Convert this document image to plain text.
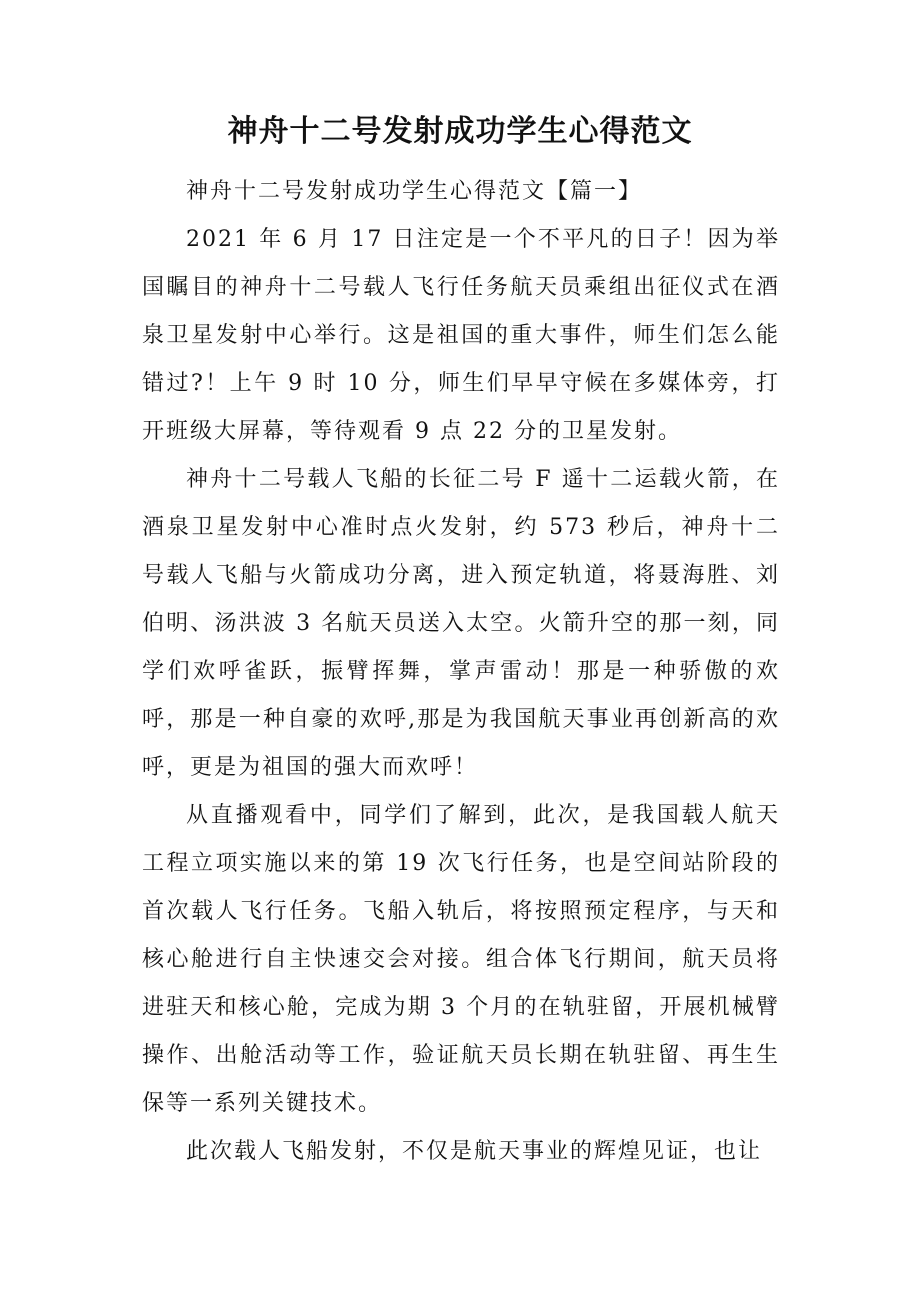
神舟十二号发射成功学生心得范文

神舟十二号发射成功学生心得范文【篇一】

2021 年 6 月 17 日注定是一个不平凡的日子！因为举国瞩目的神舟十二号载人飞行任务航天员乘组出征仪式在酒泉卫星发射中心举行。这是祖国的重大事件，师生们怎么能错过?！上午 9 时 10 分，师生们早早守候在多媒体旁，打开班级大屏幕，等待观看 9 点 22 分的卫星发射。

神舟十二号载人飞船的长征二号 F 遥十二运载火箭，在酒泉卫星发射中心准时点火发射，约 573 秒后，神舟十二号载人飞船与火箭成功分离，进入预定轨道，将聂海胜、刘伯明、汤洪波 3 名航天员送入太空。火箭升空的那一刻，同学们欢呼雀跃，振臂挥舞，掌声雷动！那是一种骄傲的欢呼，那是一种自豪的欢呼,那是为我国航天事业再创新高的欢呼，更是为祖国的强大而欢呼！

从直播观看中，同学们了解到，此次，是我国载人航天工程立项实施以来的第 19 次飞行任务，也是空间站阶段的首次载人飞行任务。飞船入轨后，将按照预定程序，与天和核心舱进行自主快速交会对接。组合体飞行期间，航天员将进驻天和核心舱，完成为期 3 个月的在轨驻留，开展机械臂操作、出舱活动等工作，验证航天员长期在轨驻留、再生生保等一系列关键技术。

此次载人飞船发射，不仅是航天事业的辉煌见证，也让
